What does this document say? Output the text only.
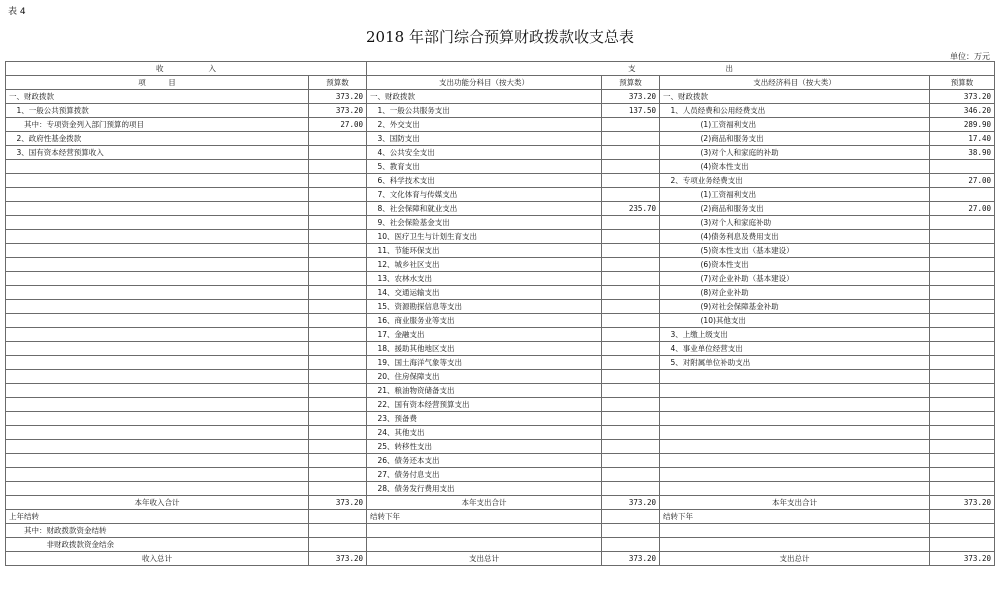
表 4
2018 年部门综合预算财政拨款收支总表
单位：万元
收　　　　　　入		支　　　　　　　　　　　　出			
项　　　目	预算数	支出功能分科目（按大类）	预算数	支出经济科目（按大类）	预算数
一、财政拨款	373.20	一、财政拨款	373.20	一、财政拨款	373.20
　1、一般公共预算拨款	373.20	　1、一般公共服务支出	137.50	　1、人员经费和公用经费支出	346.20
　　其中：专项资金列入部门预算的项目	27.00	　2、外交支出		　　　　　(1)工资福利支出	289.90
　2、政府性基金拨款		　3、国防支出		　　　　　(2)商品和服务支出	17.40
　3、国有资本经营预算收入		　4、公共安全支出		　　　　　(3)对个人和家庭的补助	38.90
		　5、教育支出		　　　　　(4)资本性支出	
		　6、科学技术支出		　2、专项业务经费支出	27.00
		　7、文化体育与传媒支出		　　　　　(1)工资福利支出	
		　8、社会保障和就业支出	235.70	　　　　　(2)商品和服务支出	27.00
		　9、社会保险基金支出		　　　　　(3)对个人和家庭补助	
		　10、医疗卫生与计划生育支出		　　　　　(4)债务利息及费用支出	
		　11、节能环保支出		　　　　　(5)资本性支出（基本建设）	
		　12、城乡社区支出		　　　　　(6)资本性支出	
		　13、农林水支出		　　　　　(7)对企业补助（基本建设）	
		　14、交通运输支出		　　　　　(8)对企业补助	
		　15、资源勘探信息等支出		　　　　　(9)对社会保障基金补助	
		　16、商业服务业等支出		　　　　　(10)其他支出	
		　17、金融支出		　3、上缴上级支出	
		　18、援助其他地区支出		　4、事业单位经营支出	
		　19、国土海洋气象等支出		　5、对附属单位补助支出	
		　20、住房保障支出			
		　21、粮油物资储备支出			
		　22、国有资本经营预算支出			
		　23、预备费			
		　24、其他支出			
		　25、转移性支出			
		　26、债务还本支出			
		　27、债务付息支出			
		　28、债务发行费用支出			
本年收入合计	373.20	本年支出合计	373.20	本年支出合计	373.20
上年结转		结转下年		结转下年	
　　其中：财政拨款资金结转					
　　　　　非财政拨款资金结余					
收入总计	373.20	支出总计	373.20	支出总计	373.20
